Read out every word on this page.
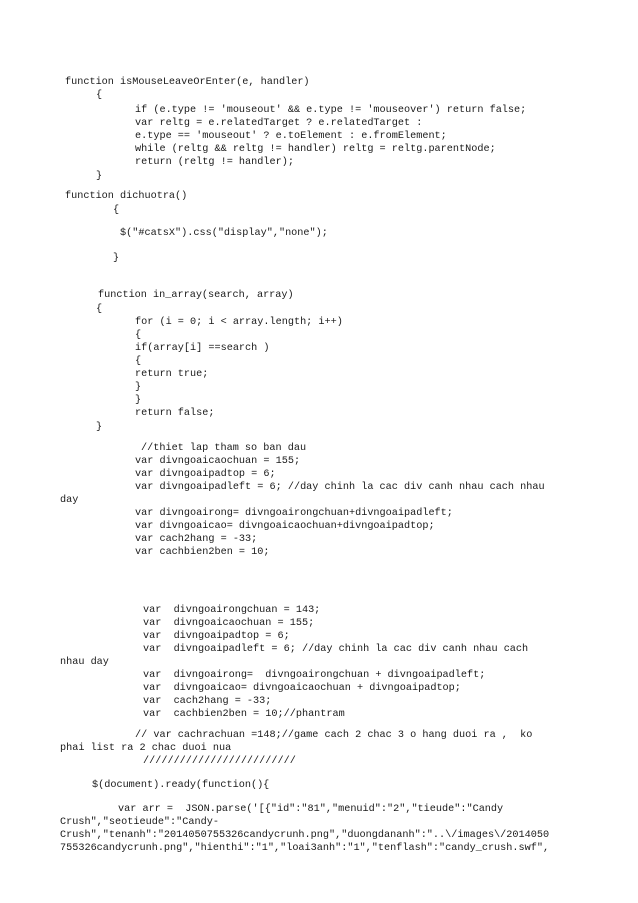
function isMouseLeaveOrEnter(e, handler)
{
if (e.type != 'mouseout' && e.type != 'mouseover') return false;
var reltg = e.relatedTarget ? e.relatedTarget :
e.type == 'mouseout' ? e.toElement : e.fromElement;
while (reltg && reltg != handler) reltg = reltg.parentNode;
return (reltg != handler);
}
function dichuotra()
{
$("#catsX").css("display","none");
}
function in_array(search, array)
{
for (i = 0; i < array.length; i++)
{
if(array[i] ==search )
{
return true;
}
}
return false;
}
//thiet lap tham so ban dau
var divngoaicaochuan = 155;
var divngoaipadtop = 6;
var divngoaipadleft = 6; //day chinh la cac div canh nhau cach nhau
day
var divngoairong= divngoairongchuan+divngoaipadleft;
var divngoaicao= divngoaicaochuan+divngoaipadtop;
var cach2hang = -33;
var cachbien2ben = 10;
var  divngoairongchuan = 143;
var  divngoaicaochuan = 155;
var  divngoaipadtop = 6;
var  divngoaipadleft = 6; //day chinh la cac div canh nhau cach
nhau day
var  divngoairong=  divngoairongchuan + divngoaipadleft;
var  divngoaicao= divngoaicaochuan + divngoaipadtop;
var  cach2hang = -33;
var  cachbien2ben = 10;//phantram
// var cachrachuan =148;//game cach 2 chac 3 o hang duoi ra ,  ko
phai list ra 2 chac duoi nua
/////////////////////////
$(document).ready(function(){
var arr =  JSON.parse('[{"id":"81","menuid":"2","tieude":"Candy
Crush","seotieude":"Candy-
Crush","tenanh":"2014050755326candycrunh.png","duongdananh":"..\/images\/2014050
755326candycrunh.png","hienthi":"1","loai3anh":"1","tenflash":"candy_crush.swf",
